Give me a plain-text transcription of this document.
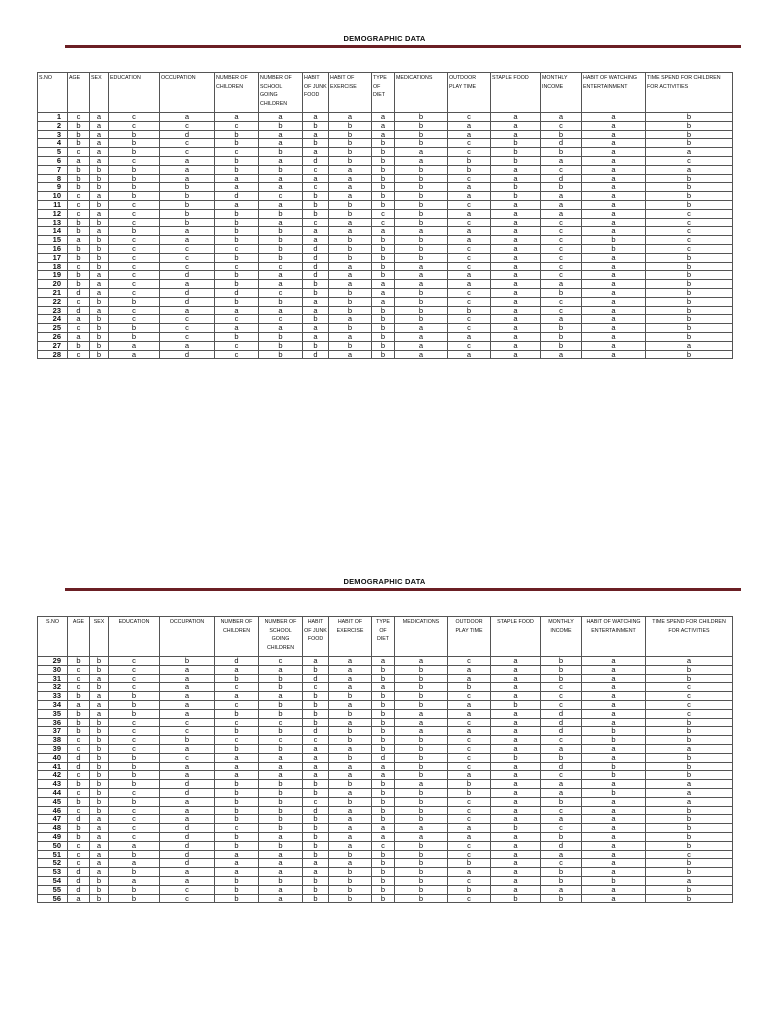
DEMOGRAPHIC DATA
S.NO	AGE	SEX	EDUCATION	OCCUPATION	NUMBER OF CHILDREN	NUMBER OF SCHOOL GOING CHILDREN	HABIT OF JUNK FOOD	HABIT OF EXERCISE	TYPE OF DIET	MEDICATIONS	OUTDOOR PLAY TIME	STAPLE FOOD	MONTHLY INCOME	HABIT OF WATCHING ENTERTAINMENT	TIME SPEND FOR CHILDREN FOR ACTIVITIES
1	c	a	c	a	a	a	a	a	a	b	c	a	a	a	b
2	b	a	c	c	c	b	b	b	a	b	a	a	c	a	b
3	b	a	b	d	b	a	a	b	a	b	a	a	b	a	b
4	b	a	b	c	b	a	b	b	b	b	c	b	d	a	b
5	c	a	b	c	c	b	a	b	b	a	c	b	b	a	a
6	a	a	c	a	b	a	d	b	b	a	b	b	a	a	c
7	b	b	b	a	b	b	c	a	b	b	b	a	c	a	a
8	b	b	b	a	a	a	a	a	b	b	c	a	d	a	b
9	b	b	b	b	a	a	c	a	b	b	a	b	b	a	b
10	c	a	b	b	d	c	b	a	b	b	a	b	a	a	b
11	c	b	c	b	a	a	b	b	b	b	c	a	a	a	b
12	c	a	c	b	b	b	b	b	c	b	a	a	a	a	c
13	b	b	c	b	b	a	c	a	c	b	c	a	c	a	c
14	b	a	b	a	b	b	a	a	a	a	a	a	c	a	c
15	a	b	c	a	b	b	a	b	b	b	a	a	c	b	c
16	b	b	c	c	c	b	d	b	b	b	c	a	c	b	c
17	b	b	c	c	b	b	d	b	b	b	c	a	c	a	b
18	c	b	c	c	c	c	d	a	b	a	c	a	c	a	b
19	b	a	c	d	b	a	d	a	b	a	a	a	c	a	b
20	b	a	c	a	b	a	b	a	a	a	a	a	a	a	b
21	d	a	c	d	d	c	b	b	a	b	c	a	b	a	b
22	c	b	b	d	b	b	a	b	a	b	c	a	c	a	b
23	d	a	c	a	a	a	a	b	b	b	b	a	c	a	b
24	a	b	c	c	c	c	b	a	b	b	c	a	a	a	b
25	c	b	b	c	a	a	a	b	b	a	c	a	b	a	b
26	a	b	b	c	b	b	a	a	b	a	a	a	b	a	b
27	b	b	a	a	c	b	b	b	b	a	c	a	b	a	a
28	c	b	a	d	c	b	d	a	b	a	a	a	a	a	b
DEMOGRAPHIC DATA
S.NO	AGE	SEX	EDUCATION	OCCUPATION	NUMBER OF CHILDREN	NUMBER OF SCHOOL GOING CHILDREN	HABIT OF JUNK FOOD	HABIT OF EXERCISE	TYPE OF DIET	MEDICATIONS	OUTDOOR PLAY TIME	STAPLE FOOD	MONTHLY INCOME	HABIT OF WATCHING ENTERTAINMENT	TIME SPEND FOR CHILDREN FOR ACTIVITIES
29	b	b	c	b	d	c	a	a	a	a	c	a	b	a	a
30	c	b	c	a	a	a	b	a	b	b	a	a	b	a	b
31	c	a	c	a	b	b	d	a	b	b	a	a	b	a	b
32	c	b	c	a	c	b	c	a	a	b	b	a	c	a	c
33	b	a	b	a	a	a	b	b	b	b	c	a	c	a	c
34	a	a	b	a	c	b	b	a	b	b	a	b	c	a	c
35	b	a	b	a	b	b	b	b	b	a	a	a	d	a	c
36	b	b	c	c	c	c	b	a	b	a	c	a	d	a	b
37	b	b	c	c	b	b	d	b	b	a	a	a	d	b	b
38	c	b	c	b	c	c	c	b	b	b	c	a	c	b	b
39	c	b	c	a	b	b	a	a	b	b	c	a	a	a	a
40	d	b	b	c	a	a	a	b	d	b	c	b	b	a	b
41	d	b	b	a	a	a	a	a	a	b	c	a	d	b	b
42	c	b	b	a	a	a	a	a	a	b	a	a	c	b	b
43	b	b	b	d	b	b	b	b	b	a	b	a	a	a	a
44	c	b	c	d	b	b	b	a	b	b	b	a	a	b	a
45	b	b	b	a	b	b	c	b	b	b	c	a	b	a	a
46	c	b	c	a	b	b	d	a	b	b	c	a	c	a	b
47	d	a	c	a	b	b	b	a	b	b	c	a	a	a	b
48	b	a	c	d	c	b	b	a	a	a	a	b	c	a	b
49	b	a	c	d	b	a	b	a	a	a	a	a	b	a	b
50	c	a	a	d	b	b	b	a	c	b	c	a	d	a	b
51	c	a	b	d	a	a	b	b	b	b	c	a	a	a	c
52	c	a	a	d	a	a	a	a	b	b	b	a	c	a	b
53	d	a	b	a	a	a	a	b	b	b	a	a	b	a	b
54	d	b	a	a	b	b	b	b	b	b	c	a	b	b	a
55	d	b	b	c	b	a	b	b	b	b	b	a	a	a	b
56	a	b	b	c	b	a	b	b	b	b	c	b	b	a	b
